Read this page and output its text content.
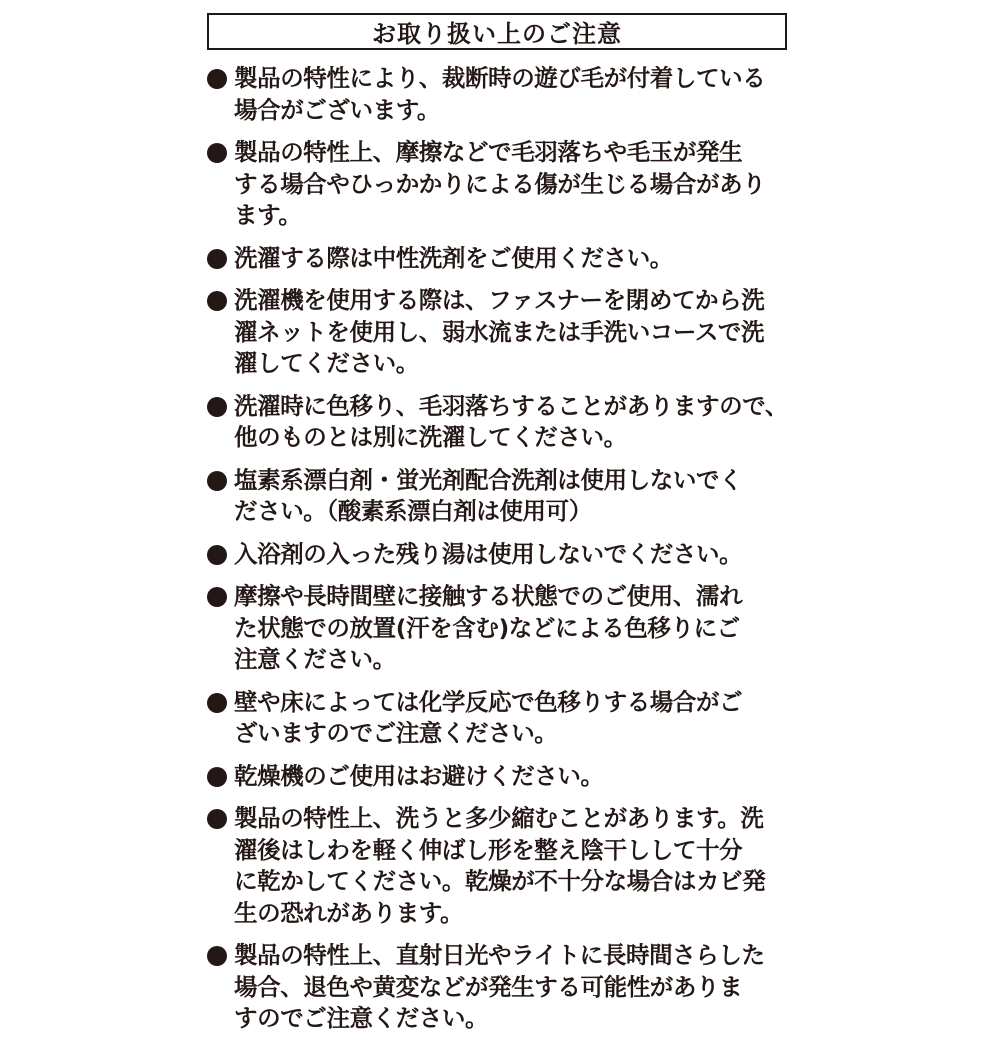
お取り扱い上のご注意
製品の特性により、裁断時の遊び毛が付着している
場合がございます。
製品の特性上、摩擦などで毛羽落ちや毛玉が発生
する場合やひっかかりによる傷が生じる場合があり
ます。
洗濯する際は中性洗剤をご使用ください。
洗濯機を使用する際は、ファスナーを閉めてから洗
濯ネットを使用し、弱水流または手洗いコースで洗
濯してください。
洗濯時に色移り、毛羽落ちすることがありますので、
他のものとは別に洗濯してください。
塩素系漂白剤・蛍光剤配合洗剤は使用しないでく
ださい。（酸素系漂白剤は使用可）
入浴剤の入った残り湯は使用しないでください。
摩擦や長時間壁に接触する状態でのご使用、濡れ
た状態での放置(汗を含む)などによる色移りにご
注意ください。
壁や床によっては化学反応で色移りする場合がご
ざいますのでご注意ください。
乾燥機のご使用はお避けください。
製品の特性上、洗うと多少縮むことがあります。洗
濯後はしわを軽く伸ばし形を整え陰干しして十分
に乾かしてください。乾燥が不十分な場合はカビ発
生の恐れがあります。
製品の特性上、直射日光やライトに長時間さらした
場合、退色や黄変などが発生する可能性がありま
すのでご注意ください。
